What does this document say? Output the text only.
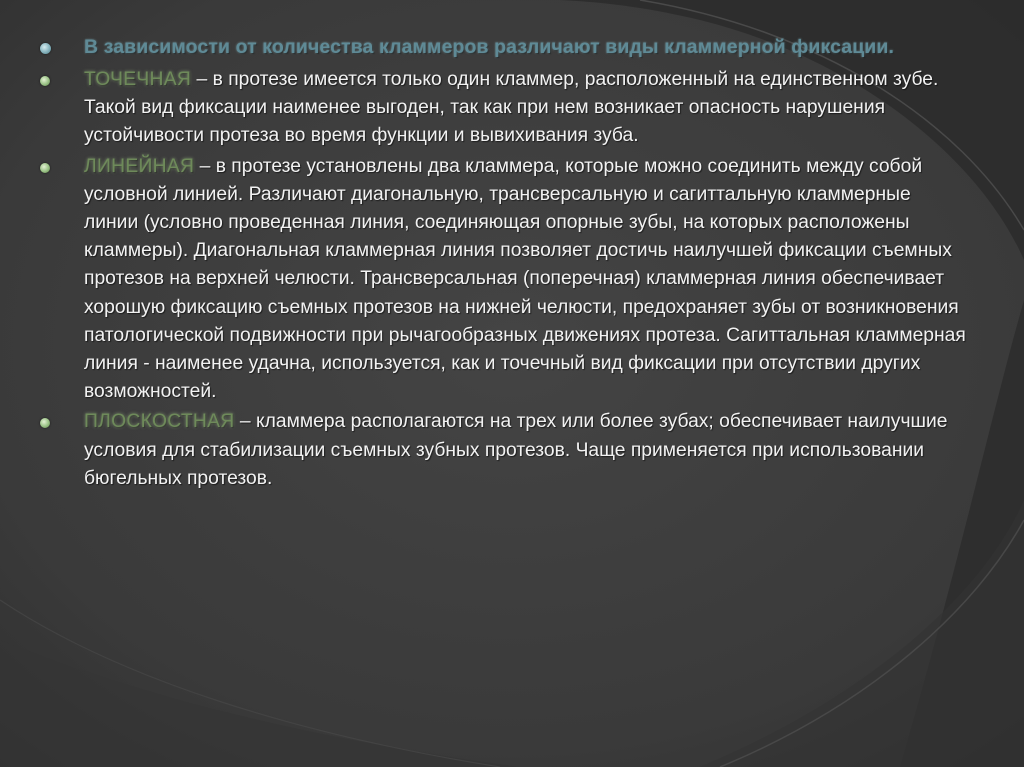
В зависимости от количества кламмеров различают виды кламмерной фиксации.
ТОЧЕЧНАЯ – в протезе имеется только один кламмер, расположенный на единственном зубе. Такой вид фиксации наименее выгоден, так как при нем возникает опасность нарушения устойчивости протеза во время функции и вывихивания зуба.
ЛИНЕЙНАЯ – в протезе установлены два кламмера, которые можно соединить между собой условной линией. Различают диагональную, трансверсальную и сагиттальную кламмерные линии (условно проведенная линия, соединяющая опорные зубы, на которых расположены кламмеры). Диагональная кламмерная линия позволяет достичь наилучшей фиксации съемных протезов на верхней челюсти. Трансверсальная (поперечная) кламмерная линия обеспечивает хорошую фиксацию съемных протезов на нижней челюсти, предохраняет зубы от возникновения патологической подвижности при рычагообразных движениях протеза. Сагиттальная кламмерная линия - наименее удачна, используется, как и точечный вид фиксации при отсутствии других возможностей.
ПЛОСКОСТНАЯ – кламмера располагаются на трех или более зубах; обеспечивает наилучшие условия для стабилизации съемных зубных протезов. Чаще применяется при использовании бюгельных протезов.
